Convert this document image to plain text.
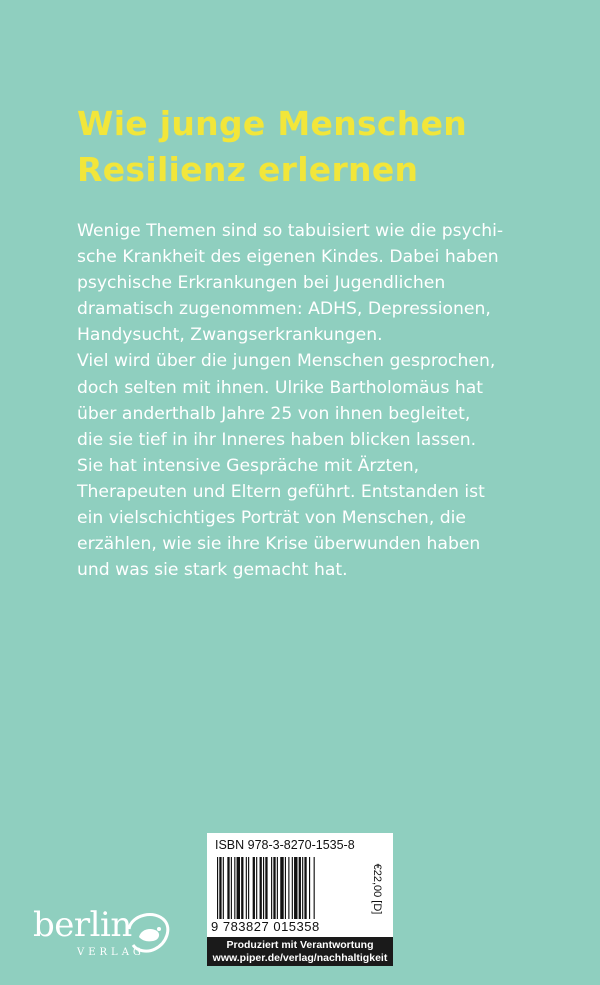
Wie junge Menschen
Resilienz erlernen

Wenige Themen sind so tabuisiert wie die psychi-
sche Krankheit des eigenen Kindes. Dabei haben
psychische Erkrankungen bei Jugendlichen
dramatisch zugenommen: ADHS, Depressionen,
Handysucht, Zwangserkrankungen.
Viel wird über die jungen Menschen gesprochen,
doch selten mit ihnen. Ulrike Bartholomäus hat
über anderthalb Jahre 25 von ihnen begleitet,
die sie tief in ihr Inneres haben blicken lassen.
Sie hat intensive Gespräche mit Ärzten,
Therapeuten und Eltern geführt. Entstanden ist
ein vielschichtiges Porträt von Menschen, die
erzählen, wie sie ihre Krise überwunden haben
und was sie stark gemacht hat.

berlin
VERLAG
ISBN 978-3-8270-1535-8
€22,00 [D]
9 783827 015358
Produziert mit Verantwortung
www.piper.de/verlag/nachhaltigkeit
